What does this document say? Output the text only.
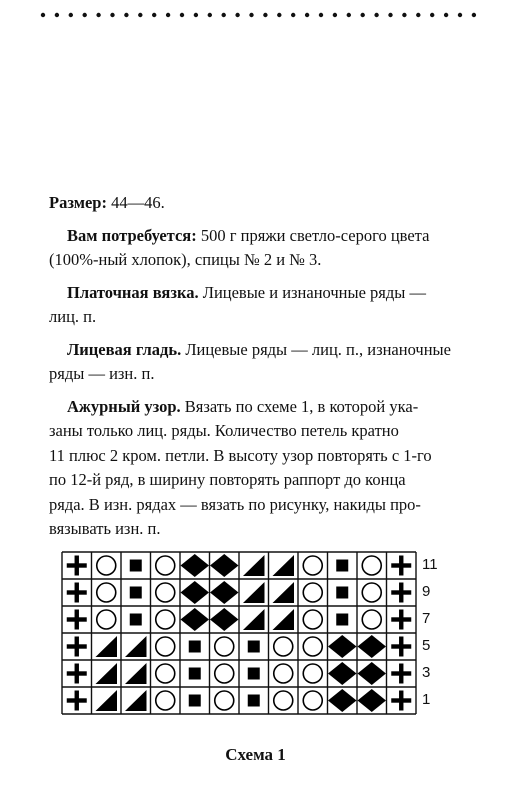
Размер: 44—46.
Вам потребуется: 500 г пряжи светло-серого цвета
(100%-ный хлопок), спицы № 2 и № 3.
Платочная вязка. Лицевые и изнаночные ряды —
лиц. п.
Лицевая гладь. Лицевые ряды — лиц. п., изнаночные
ряды — изн. п.
Ажурный узор. Вязать по схеме 1, в которой ука-
заны только лиц. ряды. Количество петель кратно
11 плюс 2 кром. петли. В высоту узор повторять с 1-го
по 12-й ряд, в ширину повторять раппорт до конца
ряда. В изн. рядах — вязать по рисунку, накиды про-
вязывать изн. п.
11
9
7
5
3
1
Схема 1
